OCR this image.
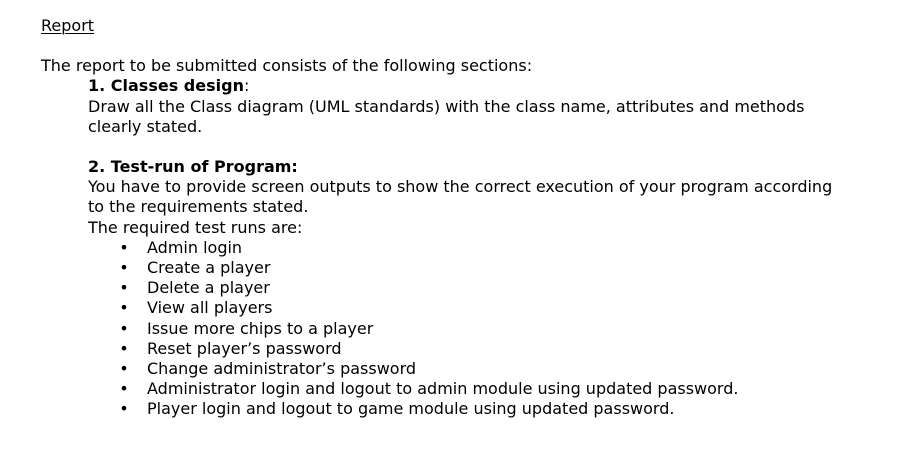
Report
The report to be submitted consists of the following sections:
1. Classes design:
Draw all the Class diagram (UML standards) with the class name, attributes and methods clearly stated.
2. Test-run of Program:
You have to provide screen outputs to show the correct execution of your program according to the requirements stated.
The required test runs are:
• Admin login
• Create a player
• Delete a player
• View all players
• Issue more chips to a player
• Reset player’s password
• Change administrator’s password
• Administrator login and logout to admin module using updated password.
• Player login and logout to game module using updated password.
